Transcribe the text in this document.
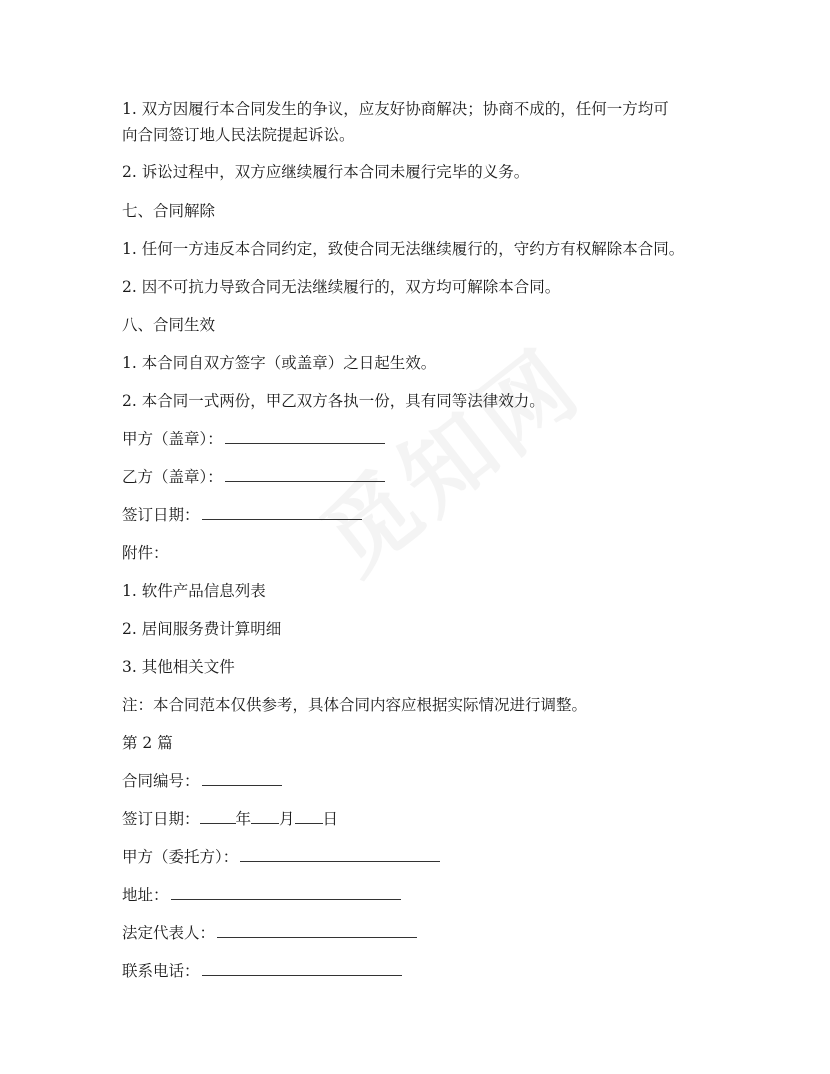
1. 双方因履行本合同发生的争议，应友好协商解决；协商不成的，任何一方均可
向合同签订地人民法院提起诉讼。
2. 诉讼过程中，双方应继续履行本合同未履行完毕的义务。
七、合同解除
1. 任何一方违反本合同约定，致使合同无法继续履行的，守约方有权解除本合同。
2. 因不可抗力导致合同无法继续履行的，双方均可解除本合同。
八、合同生效
1. 本合同自双方签字（或盖章）之日起生效。
2. 本合同一式两份，甲乙双方各执一份，具有同等法律效力。
甲方（盖章）：
乙方（盖章）：
签订日期：
附件：
1. 软件产品信息列表
2. 居间服务费计算明细
3. 其他相关文件
注：本合同范本仅供参考，具体合同内容应根据实际情况进行调整。
第 2 篇
合同编号：
签订日期： 年 月 日
甲方（委托方）：
地址：
法定代表人：
联系电话：
